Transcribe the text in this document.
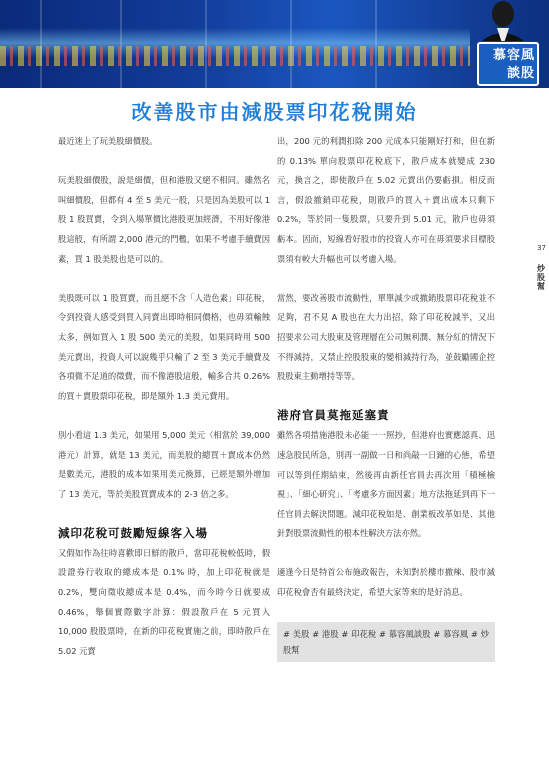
慕容風
談股
改善股市由減股票印花稅開始
37
炒股幫

最近迷上了玩美股細價股。

玩美股細價股，說是細價，但和港股又絕不相同。雖然名叫細價股，但都有 4 至 5 美元一股，只是因為美股可以 1 股 1 股買賣，令到入場單價比港股更加經濟，不用好像港股這般，有所謂 2,000 港元的門檻，如果不考慮手續費因素，買 1 股美股也是可以的。

美股既可以 1 股買賣，而且絕不含「人造色素」印花稅，令到投資人感受到買入同賣出即時相同價格，也毋須輸蝕太多，例如買入 1 股 500 美元的美股，如果同時用 500 美元賣出，投資人可以說幾乎只輸了 2 至 3 美元手續費及各項微不足道的徵費，而不像港股這般，輸多合共 0.26% 的買＋賣股票印花稅，即是額外 1.3 美元費用。

別小看這 1.3 美元，如果用 5,000 美元（相當於 39,000 港元）計算，就是 13 美元，而美股的總買＋賣成本仍然是數美元，港股的成本如果用美元換算，已經是額外增加了 13 美元，等於美股買賣成本的 2-3 倍之多。

減印花稅可鼓勵短線客入場

又假如作為往時喜歡即日鮮的散戶，當印花稅較低時，假設證券行收取的總成本是 0.1% 時，加上印花稅就是 0.2%，雙向徵收總成本是 0.4%，而今時今日就要成 0.46%，舉個實際數字計算：假設散戶在 5 元買入 10,000 股股票時，在新的印花稅實施之前，即時散戶在 5.02 元賣

出，200 元的利潤扣除 200 元成本只能剛好打和，但在新的 0.13% 單向股票印花稅底下，散戶成本就變成 230 元，換言之，即使散戶在 5.02 元賣出仍要虧損。相反而言，假設撤銷印花稅，則散戶的買入＋賣出成本只剩下 0.2%，等於同一隻股票，只要升到 5.01 元，散戶也毋須虧本。因而，短線看好股市的投資人亦可在毋須要求目標股票須有較大升幅也可以考慮入場。

當然，要改善股市流動性，單單減少或撤銷股票印花稅並不足夠，君不見 A 股也在大力出招，除了印花稅減半，又出招要求公司大股東及管理層在公司無利潤、無分紅的情況下不得減持，又禁止控股股東的變相減持行為，並鼓勵國企控股股東主動增持等等。

港府官員莫拖延塞責

雖然各項措施港股未必能一一照抄，但港府也實應認真、迅速急股民所急，別再一副做一日和尚敲一日鐘的心態，希望可以等到任期結束，然後再由新任官員去再次用「積極檢視」、「細心研究」、「考慮多方面因素」地方法拖延到再下一任官員去解決問題。減印花稅如是、創業板改革如是、其他針對股票流動性的根本性解決方法亦然。

適逢今日是特首公布施政報告，未知對於樓市撤辣、股市減印花稅會否有最終決定，希望大家等來的是好消息。

# 美股 # 港股 # 印花稅 # 慕容風談股 # 慕容風 # 炒股幫
